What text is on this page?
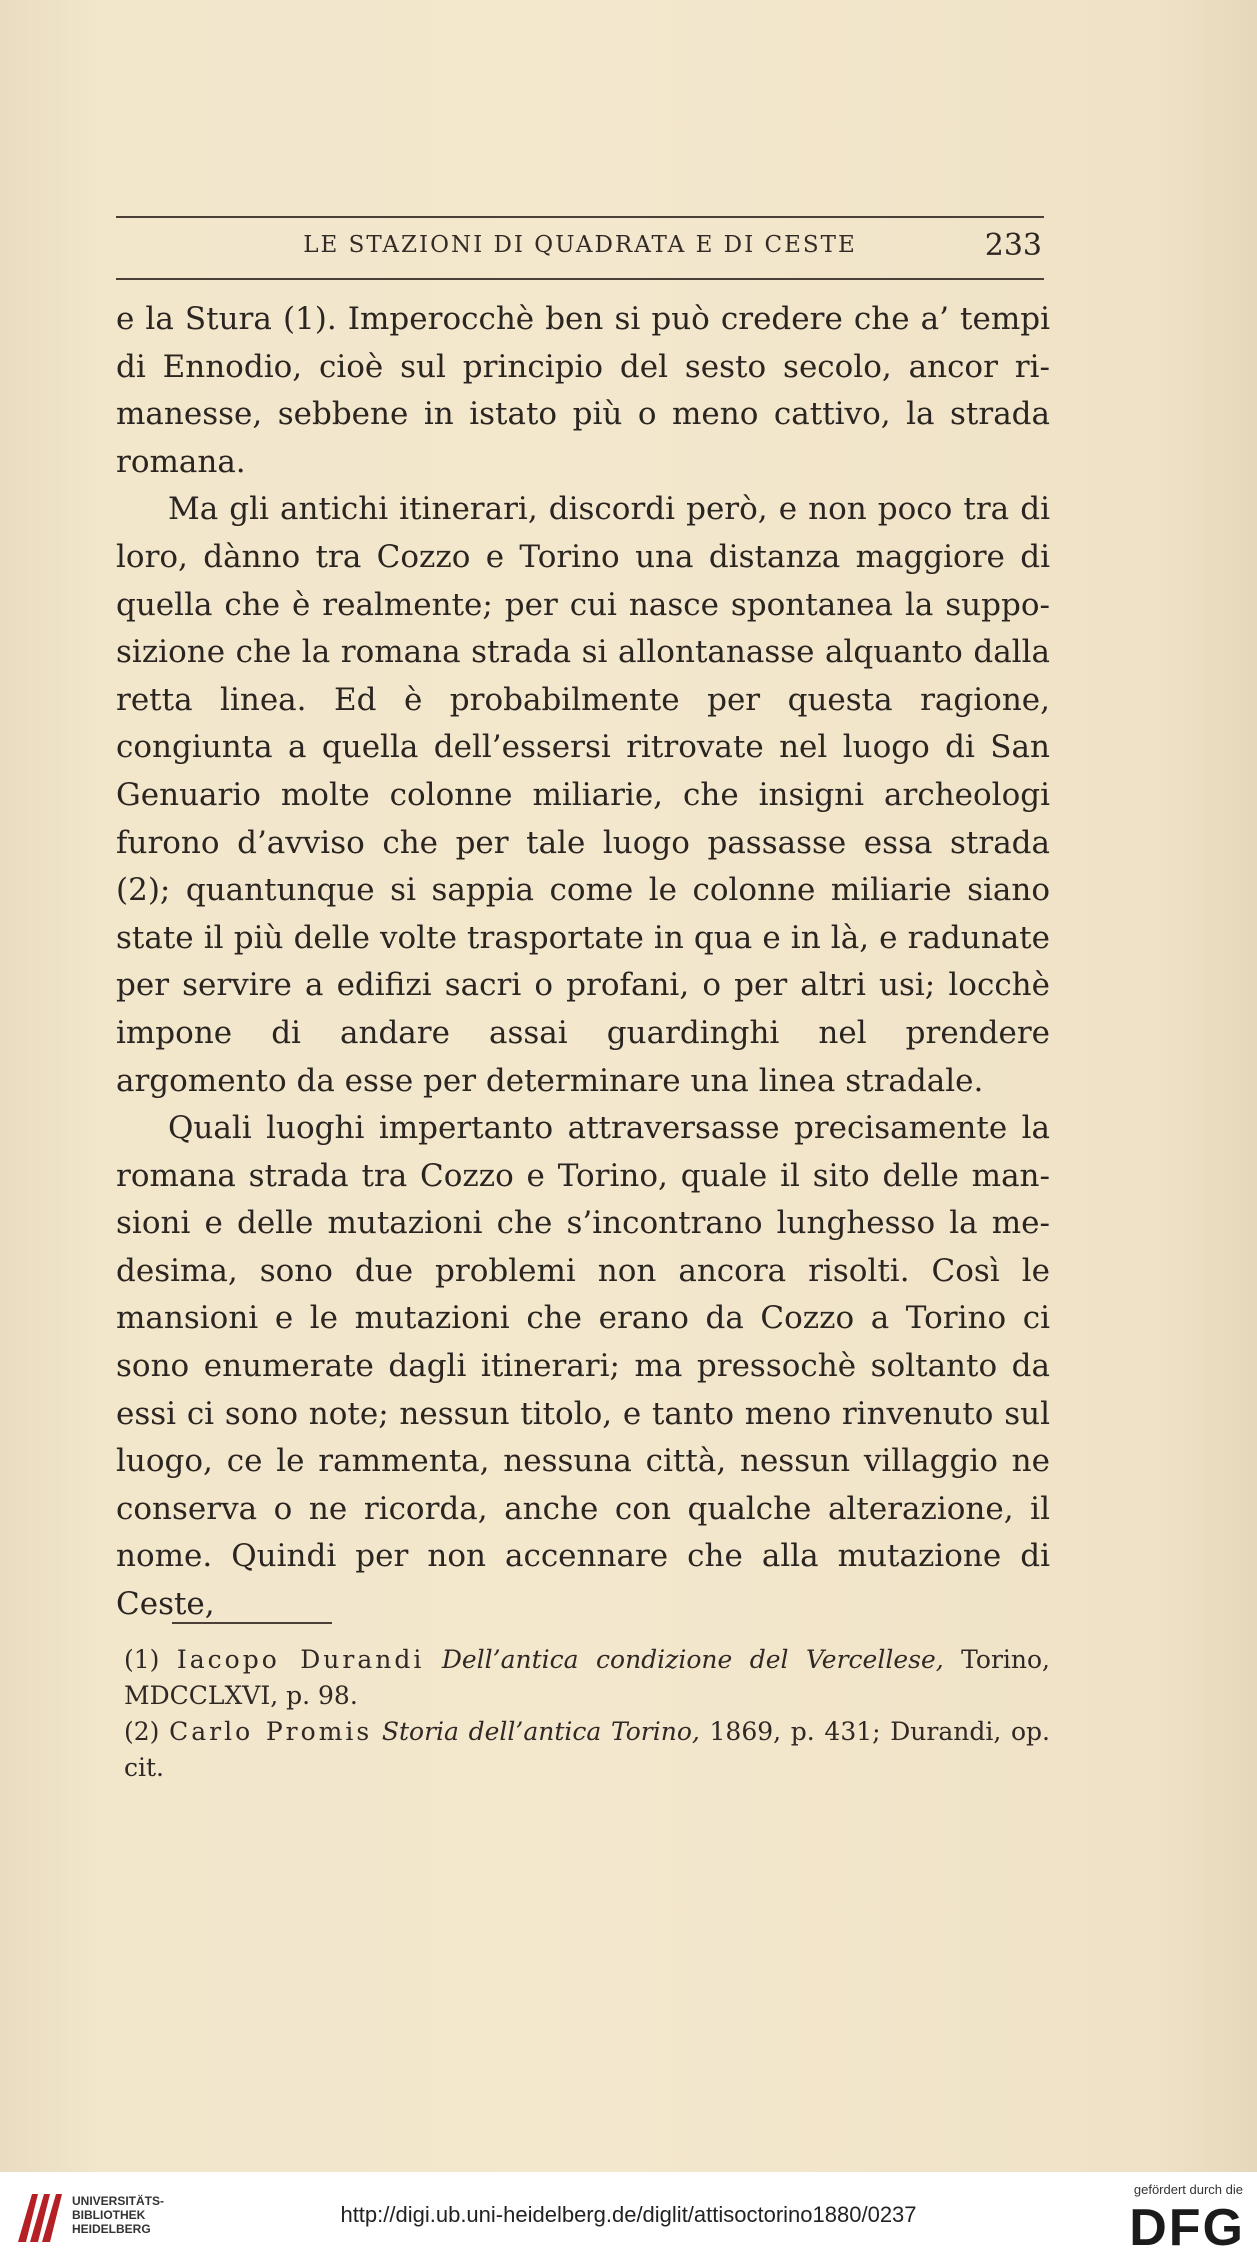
LE STAZIONI DI QUADRATA E DI CESTE	233

e la Stura (1). Imperocchè ben si può credere che a’ tempi di Ennodio, cioè sul principio del sesto secolo, ancor rimanesse, sebbene in istato più o meno cattivo, la strada romana.

Ma gli antichi itinerari, discordi però, e non poco tra di loro, dànno tra Cozzo e Torino una distanza maggiore di quella che è realmente; per cui nasce spontanea la supposizione che la romana strada si allontanasse alquanto dalla retta linea. Ed è probabilmente per questa ragione, congiunta a quella dell’essersi ritrovate nel luogo di San Genuario molte colonne miliarie, che insigni archeologi furono d’avviso che per tale luogo passasse essa strada (2); quantunque si sappia come le colonne miliarie siano state il più delle volte trasportate in qua e in là, e radunate per servire a edifizi sacri o profani, o per altri usi; locchè impone di andare assai guardinghi nel prendere argomento da esse per determinare una linea stradale.

Quali luoghi impertanto attraversasse precisamente la romana strada tra Cozzo e Torino, quale il sito delle mansioni e delle mutazioni che s’incontrano lunghesso la medesima, sono due problemi non ancora risolti. Così le mansioni e le mutazioni che erano da Cozzo a Torino ci sono enumerate dagli itinerari; ma pressochè soltanto da essi ci sono note; nessun titolo, e tanto meno rinvenuto sul luogo, ce le rammenta, nessuna città, nessun villaggio ne conserva o ne ricorda, anche con qualche alterazione, il nome. Quindi per non accennare che alla mutazione di Ceste,

(1) Iacopo Durandi Dell’antica condizione del Vercellese, Torino, MDCCLXVI, p. 98.

(2) Carlo Promis Storia dell’antica Torino, 1869, p. 431; Durandi, op. cit.

UNIVERSITÄTS-
BIBLIOTHEK
HEIDELBERG
http://digi.ub.uni-heidelberg.de/diglit/attisoctorino1880/0237
gefördert durch die
DFG
